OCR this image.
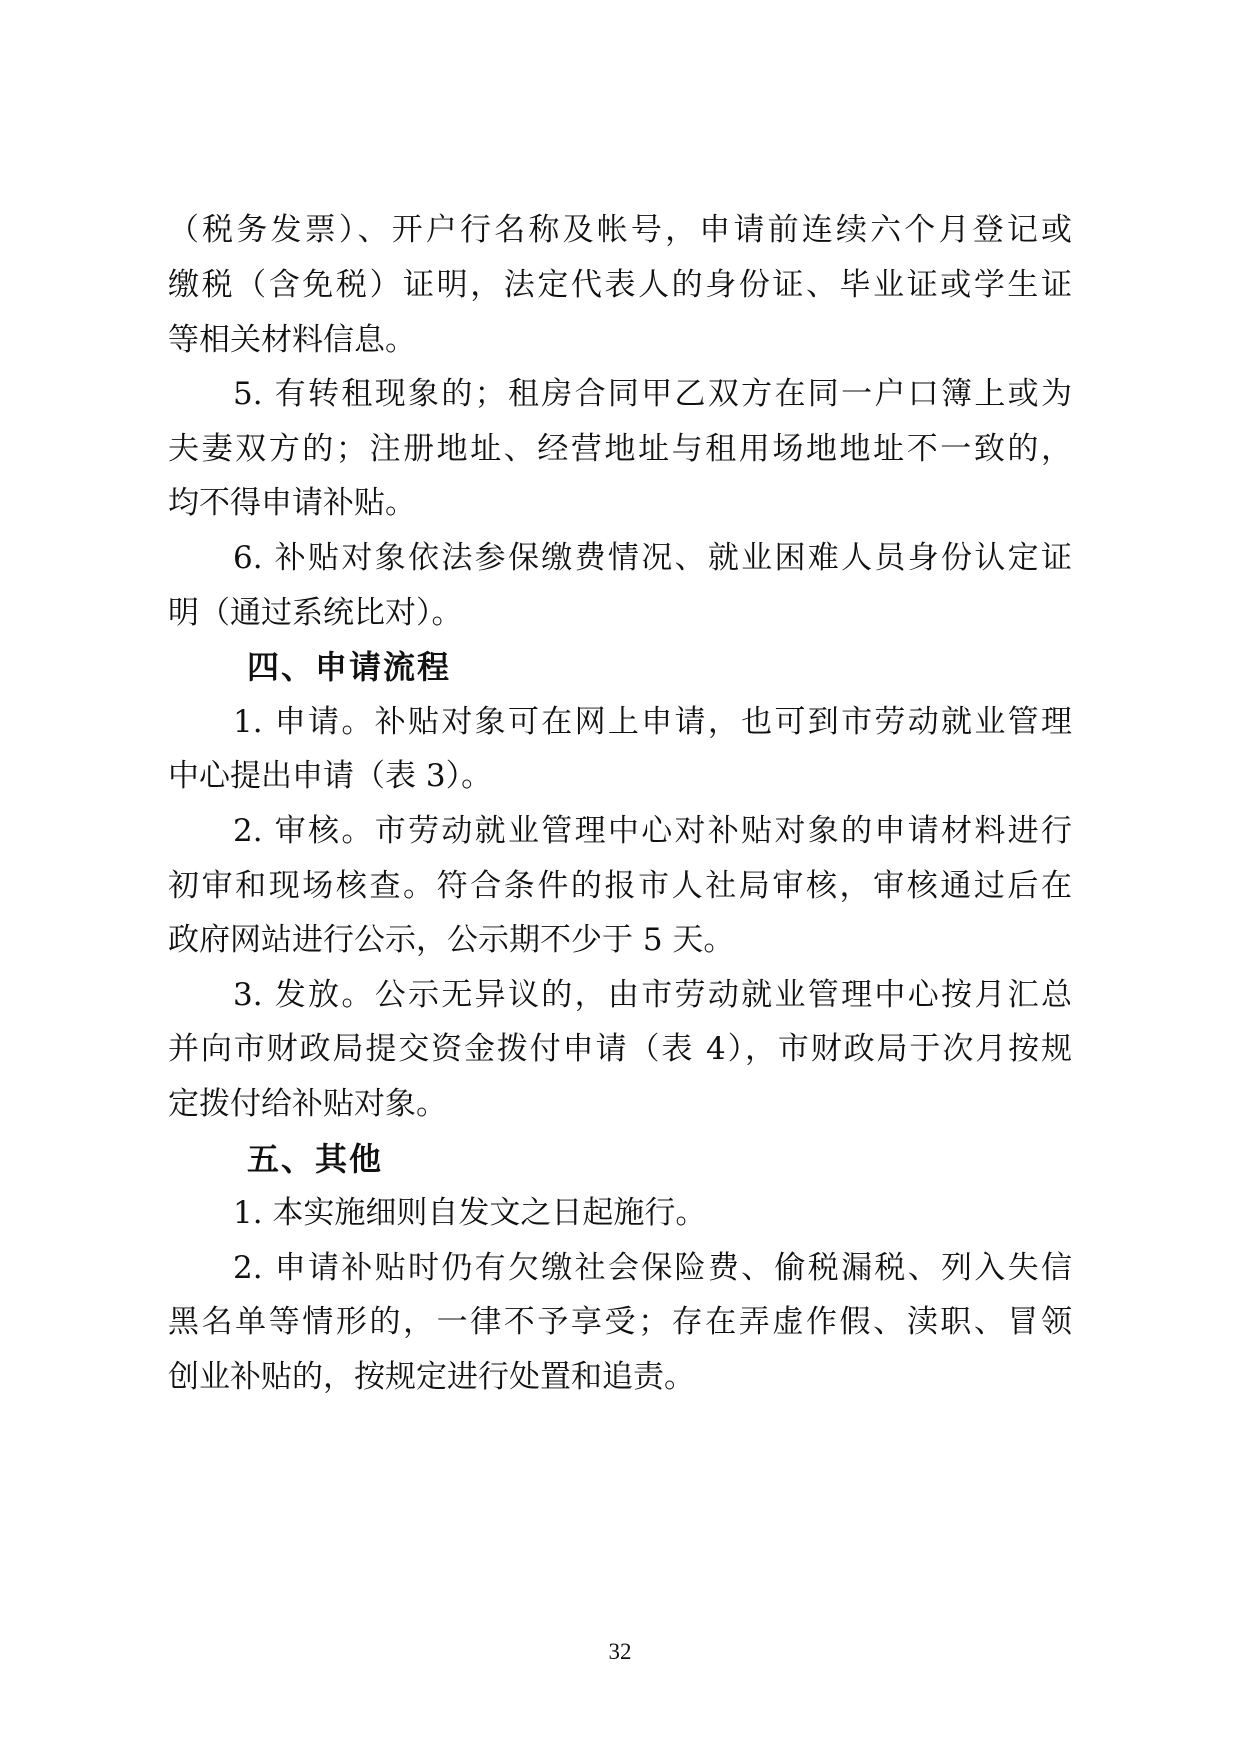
（税务发票）、开户行名称及帐号，申请前连续六个月登记或
缴税（含免税）证明，法定代表人的身份证、毕业证或学生证
等相关材料信息。
5. 有转租现象的；租房合同甲乙双方在同一户口簿上或为
夫妻双方的；注册地址、经营地址与租用场地地址不一致的，
均不得申请补贴。
6. 补贴对象依法参保缴费情况、就业困难人员身份认定证
明（通过系统比对）。
四、申请流程
1. 申请。补贴对象可在网上申请，也可到市劳动就业管理
中心提出申请（表 3）。
2. 审核。市劳动就业管理中心对补贴对象的申请材料进行
初审和现场核查。符合条件的报市人社局审核，审核通过后在
政府网站进行公示，公示期不少于 5 天。
3. 发放。公示无异议的，由市劳动就业管理中心按月汇总
并向市财政局提交资金拨付申请（表 4），市财政局于次月按规
定拨付给补贴对象。
五、其他
1. 本实施细则自发文之日起施行。
2. 申请补贴时仍有欠缴社会保险费、偷税漏税、列入失信
黑名单等情形的，一律不予享受；存在弄虚作假、渎职、冒领
创业补贴的，按规定进行处置和追责。
32
